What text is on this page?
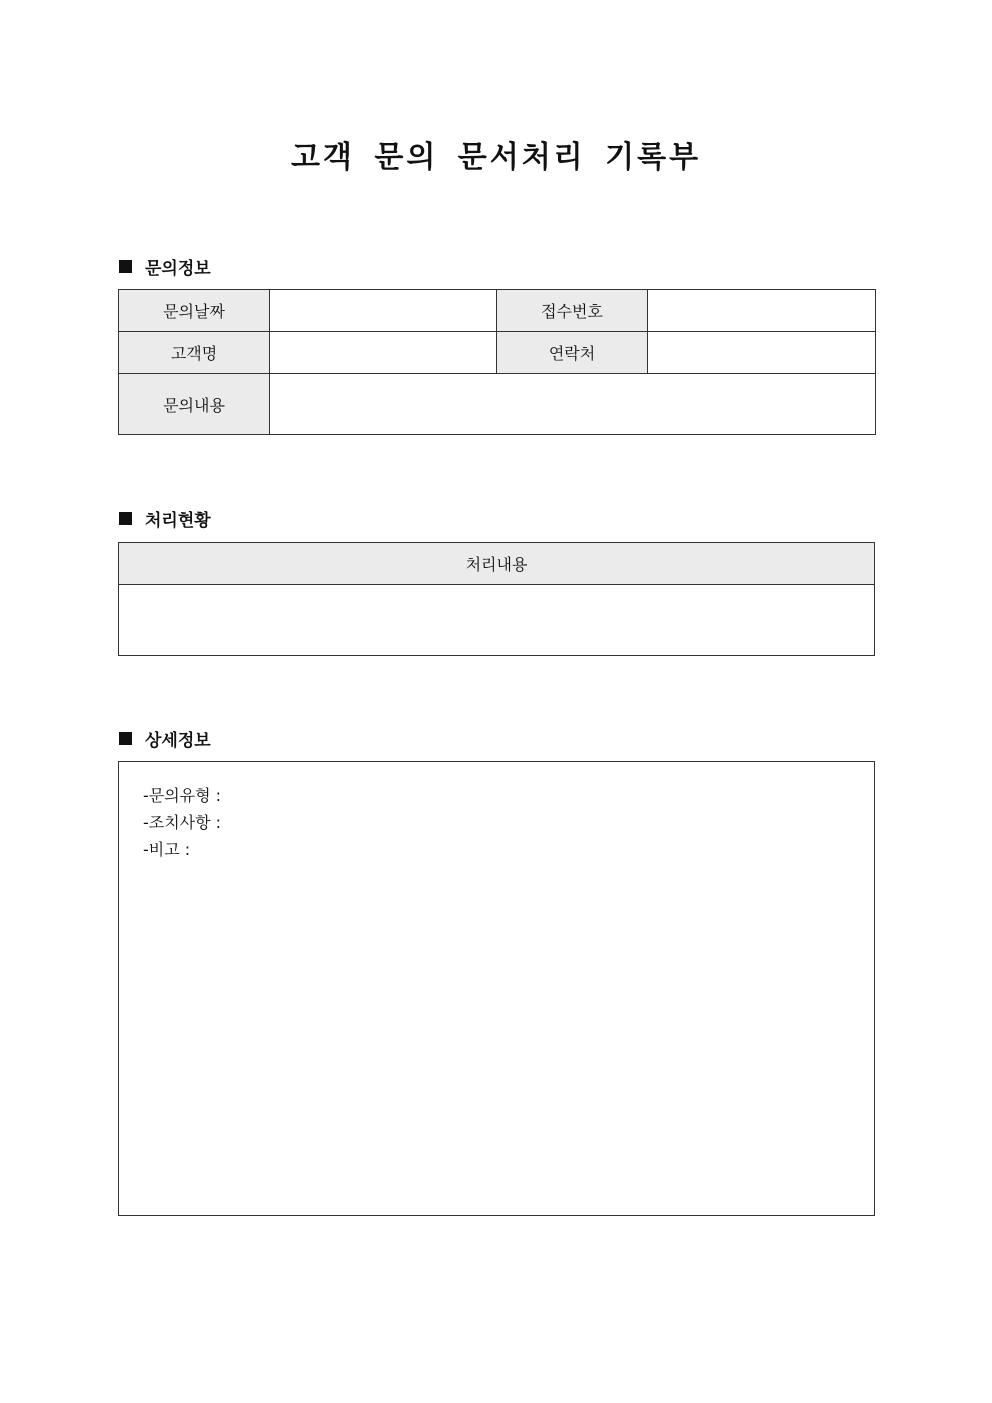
고객 문의 문서처리 기록부
문의정보
문의날짜		접수번호	
고객명		연락처	
문의내용			
처리현황
처리내용

상세정보
-문의유형 :
-조치사항 :
-비고 :
